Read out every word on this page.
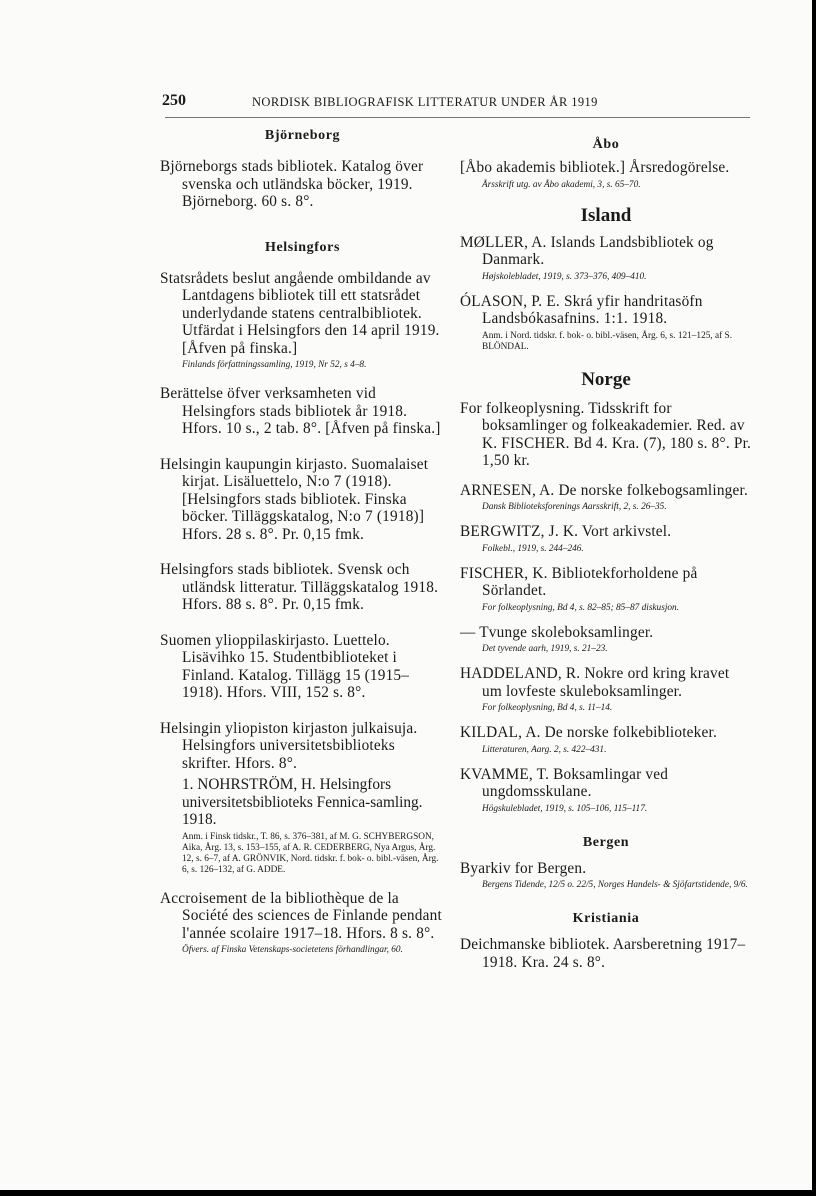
250	NORDISK BIBLIOGRAFISK LITTERATUR UNDER ÅR 1919

Björneborg

Björneborgs stads bibliotek. Katalog över svenska och utländska böcker, 1919. Björneborg. 60 s. 8°.

Helsingfors

Statsrådets beslut angående ombildande av Lantdagens bibliotek till ett statsrådet underlydande statens centralbibliotek. Utfärdat i Helsingfors den 14 april 1919. [Åfven på finska.]

Finlands författningssamling, 1919, Nr 52, s 4–8.

Berättelse öfver verksamheten vid Helsingfors stads bibliotek år 1918. Hfors. 10 s., 2 tab. 8°. [Åfven på finska.]

Helsingin kaupungin kirjasto. Suomalaiset kirjat. Lisäluettelo, N:o 7 (1918). [Helsingfors stads bibliotek. Finska böcker. Tilläggskatalog, N:o 7 (1918)] Hfors. 28 s. 8°. Pr. 0,15 fmk.

Helsingfors stads bibliotek. Svensk och utländsk litteratur. Tilläggskatalog 1918. Hfors. 88 s. 8°. Pr. 0,15 fmk.

Suomen ylioppilaskirjasto. Luettelo. Lisävihko 15. Studentbiblioteket i Finland. Katalog. Tillägg 15 (1915–1918). Hfors. VIII, 152 s. 8°.

Helsingin yliopiston kirjaston julkaisuja. Helsingfors universitetsbiblioteks skrifter. Hfors. 8°.

1. NOHRSTRÖM, H. Helsingfors universitetsbiblioteks Fennica-samling. 1918.

Anm. i Finsk tidskr., T. 86, s. 376–381, af M. G. SCHYBERGSON, Aika, Årg. 13, s. 153–155, af A. R. CEDERBERG, Nya Argus, Årg. 12, s. 6–7, af A. GRÖNVIK, Nord. tidskr. f. bok- o. bibl.-väsen, Årg. 6, s. 126–132, af G. ADDE.

Accroisement de la bibliothèque de la Société des sciences de Finlande pendant l'année scolaire 1917–18. Hfors. 8 s. 8°.

Öfvers. af Finska Vetenskaps-societetens förhandlingar, 60.

Åbo

[Åbo akademis bibliotek.] Årsredogörelse.

Årsskrift utg. av Åbo akademi, 3, s. 65–70.

Island

MØLLER, A. Islands Landsbibliotek og Danmark.

Højskolebladet, 1919, s. 373–376, 409–410.

ÓLASON, P. E. Skrá yfir handritasöfn Landsbókasafnins. 1:1. 1918.

Anm. i Nord. tidskr. f. bok- o. bibl.-väsen, Årg. 6, s. 121–125, af S. BLÖNDAL.

Norge

For folkeoplysning. Tidsskrift for boksamlinger og folkeakademier. Red. av K. FISCHER. Bd 4. Kra. (7), 180 s. 8°. Pr. 1,50 kr.

ARNESEN, A. De norske folkebogsamlinger.

Dansk Biblioteksforenings Aarsskrift, 2, s. 26–35.

BERGWITZ, J. K. Vort arkivstel.

Folkebl., 1919, s. 244–246.

FISCHER, K. Bibliotekforholdene på Sörlandet.

For folkeoplysning, Bd 4, s. 82–85; 85–87 diskusjon.

— Tvunge skoleboksamlinger.

Det tyvende aarh, 1919, s. 21–23.

HADDELAND, R. Nokre ord kring kravet um lovfeste skuleboksamlinger.

For folkeoplysning, Bd 4, s. 11–14.

KILDAL, A. De norske folkebiblioteker.

Litteraturen, Aarg. 2, s. 422–431.

KVAMME, T. Boksamlingar ved ungdomsskulane.

Högskulebladet, 1919, s. 105–106, 115–117.

Bergen

Byarkiv for Bergen.

Bergens Tidende, 12/5 o. 22/5, Norges Handels- & Sjöfartstidende, 9/6.

Kristiania

Deichmanske bibliotek. Aarsberetning 1917–1918. Kra. 24 s. 8°.
